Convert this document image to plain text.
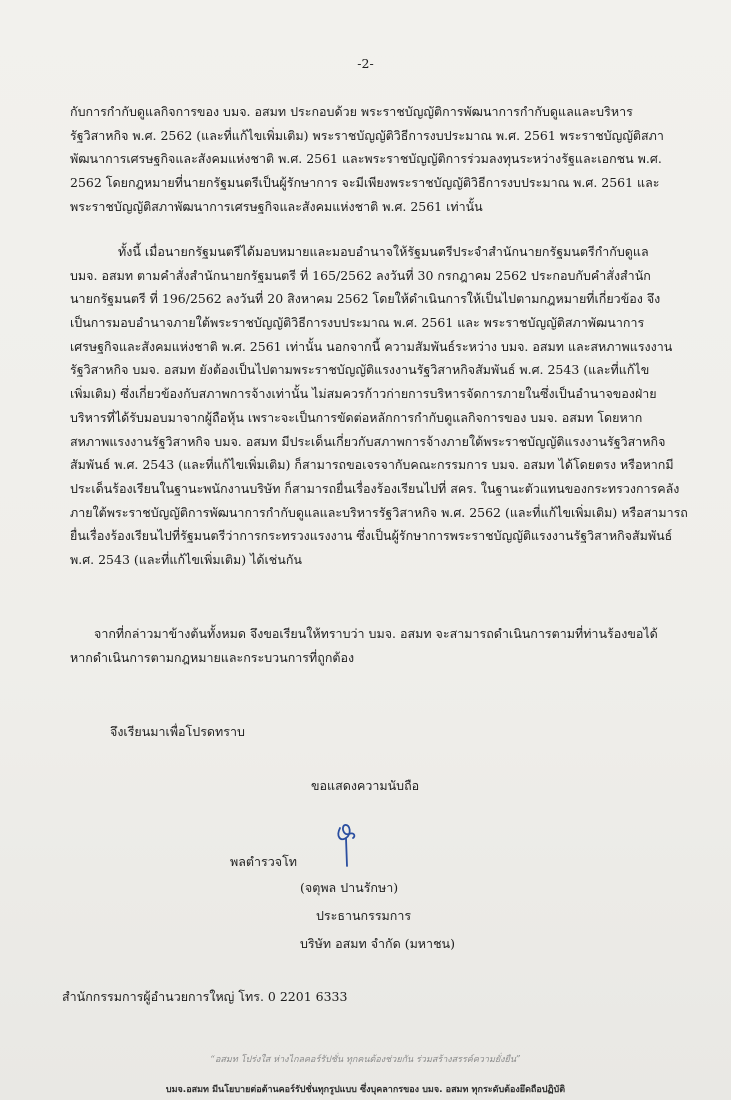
-2-
กับการกำกับดูแลกิจการของ บมจ. อสมท ประกอบด้วย พระราชบัญญัติการพัฒนาการกำกับดูแลและบริหาร
รัฐวิสาหกิจ พ.ศ. 2562 (และที่แก้ไขเพิ่มเติม) พระราชบัญญัติวิธีการงบประมาณ พ.ศ. 2561 พระราชบัญญัติสภา
พัฒนาการเศรษฐกิจและสังคมแห่งชาติ พ.ศ. 2561 และพระราชบัญญัติการร่วมลงทุนระหว่างรัฐและเอกชน พ.ศ.
2562 โดยกฎหมายที่นายกรัฐมนตรีเป็นผู้รักษาการ จะมีเพียงพระราชบัญญัติวิธีการงบประมาณ พ.ศ. 2561 และ
พระราชบัญญัติสภาพัฒนาการเศรษฐกิจและสังคมแห่งชาติ พ.ศ. 2561 เท่านั้น
ทั้งนี้ เมื่อนายกรัฐมนตรีได้มอบหมายและมอบอำนาจให้รัฐมนตรีประจำสำนักนายกรัฐมนตรีกำกับดูแล
บมจ. อสมท ตามคำสั่งสำนักนายกรัฐมนตรี ที่ 165/2562 ลงวันที่ 30 กรกฎาคม 2562 ประกอบกับคำสั่งสำนัก
นายกรัฐมนตรี ที่ 196/2562 ลงวันที่ 20 สิงหาคม 2562 โดยให้ดำเนินการให้เป็นไปตามกฎหมายที่เกี่ยวข้อง จึง
เป็นการมอบอำนาจภายใต้พระราชบัญญัติวิธีการงบประมาณ พ.ศ. 2561 และ พระราชบัญญัติสภาพัฒนาการ
เศรษฐกิจและสังคมแห่งชาติ พ.ศ. 2561 เท่านั้น นอกจากนี้ ความสัมพันธ์ระหว่าง บมจ. อสมท และสหภาพแรงงาน
รัฐวิสาหกิจ บมจ. อสมท ยังต้องเป็นไปตามพระราชบัญญัติแรงงานรัฐวิสาหกิจสัมพันธ์ พ.ศ. 2543 (และที่แก้ไข
เพิ่มเติม) ซึ่งเกี่ยวข้องกับสภาพการจ้างเท่านั้น ไม่สมควรก้าวก่ายการบริหารจัดการภายในซึ่งเป็นอำนาจของฝ่าย
บริหารที่ได้รับมอบมาจากผู้ถือหุ้น เพราะจะเป็นการขัดต่อหลักการกำกับดูแลกิจการของ บมจ. อสมท โดยหาก
สหภาพแรงงานรัฐวิสาหกิจ บมจ. อสมท มีประเด็นเกี่ยวกับสภาพการจ้างภายใต้พระราชบัญญัติแรงงานรัฐวิสาหกิจ
สัมพันธ์ พ.ศ. 2543 (และที่แก้ไขเพิ่มเติม) ก็สามารถขอเจรจากับคณะกรรมการ บมจ. อสมท ได้โดยตรง หรือหากมี
ประเด็นร้องเรียนในฐานะพนักงานบริษัท ก็สามารถยื่นเรื่องร้องเรียนไปที่ สคร. ในฐานะตัวแทนของกระทรวงการคลัง
ภายใต้พระราชบัญญัติการพัฒนาการกำกับดูแลและบริหารรัฐวิสาหกิจ พ.ศ. 2562 (และที่แก้ไขเพิ่มเติม) หรือสามารถ
ยื่นเรื่องร้องเรียนไปที่รัฐมนตรีว่าการกระทรวงแรงงาน ซึ่งเป็นผู้รักษาการพระราชบัญญัติแรงงานรัฐวิสาหกิจสัมพันธ์
พ.ศ. 2543 (และที่แก้ไขเพิ่มเติม) ได้เช่นกัน
จากที่กล่าวมาข้างต้นทั้งหมด จึงขอเรียนให้ทราบว่า บมจ. อสมท จะสามารถดำเนินการตามที่ท่านร้องขอได้
หากดำเนินการตามกฎหมายและกระบวนการที่ถูกต้อง
จึงเรียนมาเพื่อโปรดทราบ
ขอแสดงความนับถือ
พลตำรวจโท
(จตุพล ปานรักษา)
ประธานกรรมการ
บริษัท อสมท จำกัด (มหาชน)
สำนักกรรมการผู้อำนวยการใหญ่ โทร. 0 2201 6333
“อสมท โปร่งใส ห่างไกลคอร์รัปชั่น ทุกคนต้องช่วยกัน ร่วมสร้างสรรค์ความยั่งยืน”
บมจ.อสมท มีนโยบายต่อต้านคอร์รัปชั่นทุกรูปแบบ ซึ่งบุคลากรของ บมจ. อสมท ทุกระดับต้องยึดถือปฏิบัติ
